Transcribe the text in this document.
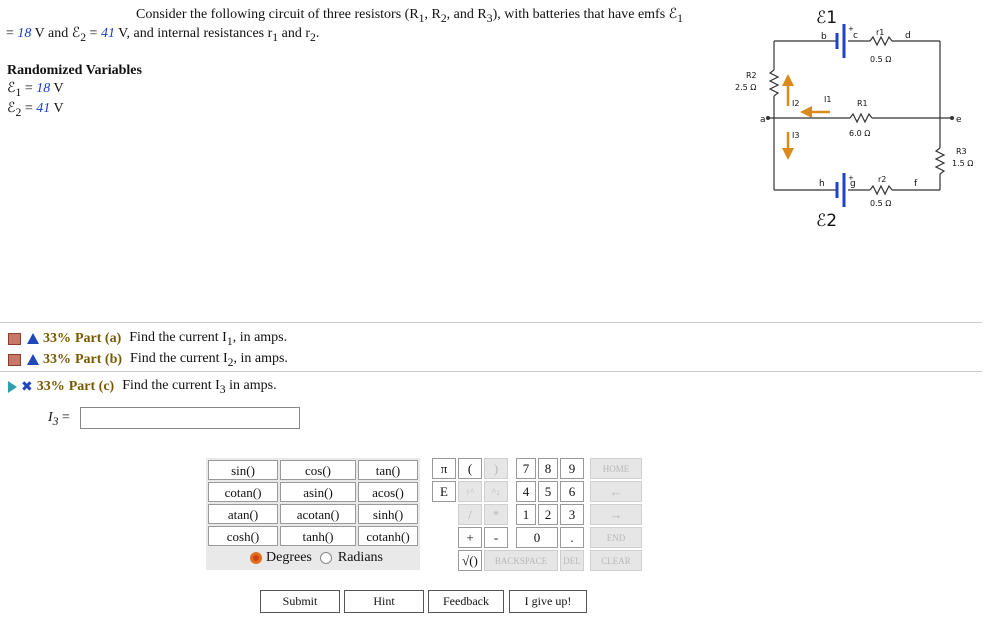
Consider the following circuit of three resistors ($R_1$, $R_2$, and $R_3$), with batteries that have emfs ℰ$_1$
= 18 V and ℰ$_2$ = 41 V, and internal resistances $r_1$ and $r_2$.
Randomized Variables
ℰ$_1$ = 18 V
ℰ$_2$ = 41 V
ℰ1
ℰ2
+
+
b	c	d
a	e
h	g	f
r1
0.5 Ω
r2
0.5 Ω
R1
6.0 Ω
R2
2.5 Ω
R3
1.5 Ω
I2	I1
I3
33% Part (a) Find the current $I_1$, in amps.
33% Part (b) Find the current $I_2$, in amps.
✖ 33% Part (c) Find the current $I_3$ in amps.
$I_3$ =
sin()	cos()	tan()
cotan()	asin()	acos()
atan()	acotan()	sinh()
cosh()	tanh()	cotanh()
Degrees Radians
π	(	)	7	8	9	HOME
E	↑^	^↓	4	5	6	←
/	*	1	2	3	→
+	-	0	.	END
√()	BACKSPACE	DEL	CLEAR
Submit	Hint	Feedback	I give up!
